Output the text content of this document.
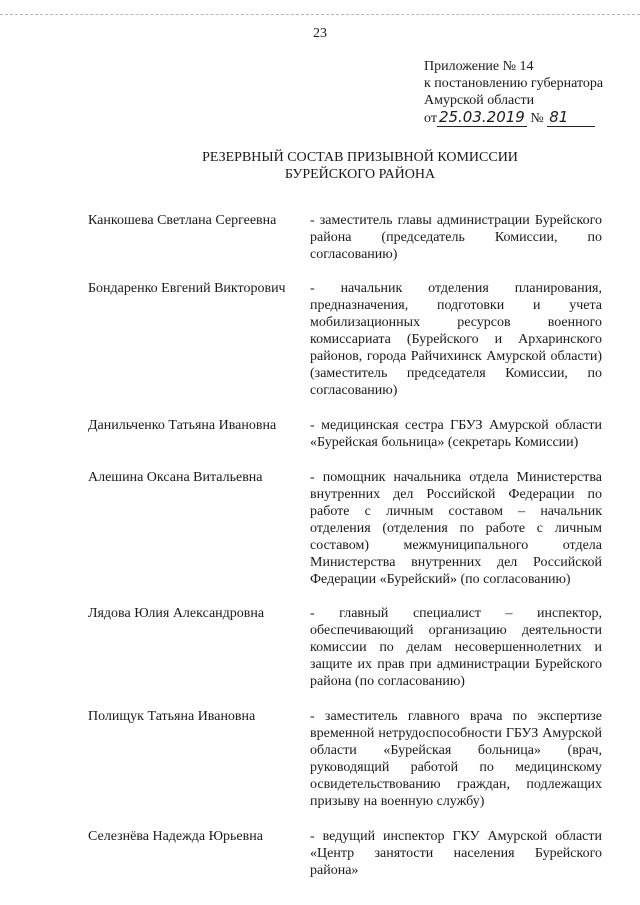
23
Приложение № 14
к постановлению губернатора
Амурской области
от 25.03.2019 № 81
РЕЗЕРВНЫЙ СОСТАВ ПРИЗЫВНОЙ КОМИССИИ
БУРЕЙСКОГО РАЙОНА
Канкошева Светлана Сергеевна	- заместитель главы администрации Бурейского района (председатель Комиссии, по согласованию)
Бондаренко Евгений Викторович	- начальник отделения планирования, предназначения, подготовки и учета мобилизационных ресурсов военного комиссариата (Бурейского и Архаринского районов, города Райчихинск Амурской области) (заместитель председателя Комиссии, по согласованию)
Данильченко Татьяна Ивановна	- медицинская сестра ГБУЗ Амурской области «Бурейская больница» (секретарь Комиссии)
Алешина Оксана Витальевна	- помощник начальника отдела Министерства внутренних дел Российской Федерации по работе с личным составом – начальник отделения (отделения по работе с личным составом) межмуниципального отдела Министерства внутренних дел Российской Федерации «Бурейский» (по согласованию)
Лядова Юлия Александровна	- главный специалист – инспектор, обеспечивающий организацию деятельности комиссии по делам несовершеннолетних и защите их прав при администрации Бурейского района (по согласованию)
Полищук Татьяна Ивановна	- заместитель главного врача по экспертизе временной нетрудоспособности ГБУЗ Амурской области «Бурейская больница» (врач, руководящий работой по медицинскому освидетельствованию граждан, подлежащих призыву на военную службу)
Селезнёва Надежда Юрьевна	- ведущий инспектор ГКУ Амурской области «Центр занятости населения Бурейского района»
